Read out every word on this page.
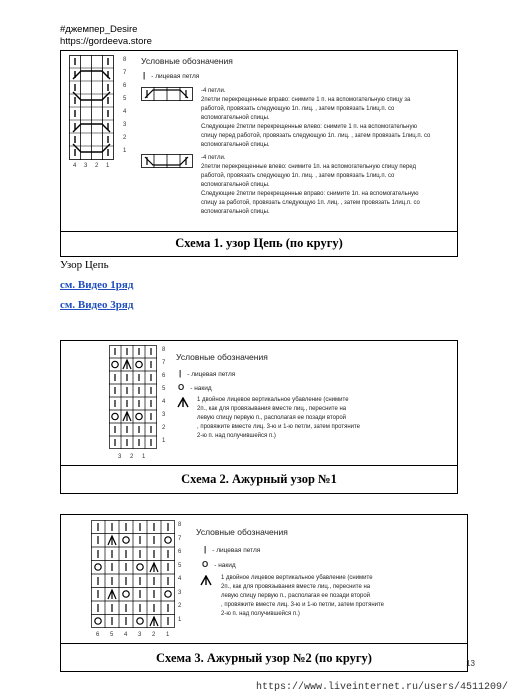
#джемпер_Desire
https://gordeeva.store
8
7
6
5
4
3
2
1
4 3 2 1
Условные обозначения
| - лицевая петля
-4 петли.
2петли перекрещенные вправо: снимите 1 п. на вспомогательную спицу за
работой, провязать следующую 1п. лиц. , затем провязать 1лиц.п. со
вспомогательной спицы.
Следующие 2петли перекрещенные влево: снимите 1 п. на вспомогательную
спицу перед работой, провязать следующую 1п. лиц. , затем провязать 1лиц.п. со
вспомогательной спицы.
-4 петли.
2петли перекрещенные влево: снимите 1п. на вспомогательную спицу перед
работой, провязать следующую 1п. лиц. , затем провязать 1лиц.п. со
вспомогательной спицы.
Следующие 2петли перекрещенные вправо: снимите 1п. на вспомогательную
спицу за работой, провязать следующую 1п. лиц. , затем провязать 1лиц.п. со
вспомогательной спицы.
Схема 1. узор Цепь (по кругу)
Узор Цепь
см. Видео 1ряд
см. Видео 3ряд
8
7
6
5
4
3
2
1
3 2 1
Условные обозначения
| - лицевая петля
O - накид
1 двойное лицевое вертикальное убавление (снимите
2п., как для провязывания вместе лиц., пересните на
левую спицу первую п., располагая ее позади второй
, провяжите вместе лиц. 3-ю и 1-ю петли, затем протяните
2-ю п. над получившейся п.)
Схема 2. Ажурный узор №1
8
7
6
5
4
3
2
1
6 5 4 3 2 1
Условные обозначения
| - лицевая петля
O - накид
1 двойное лицевое вертикальное убавление (снимите
2п., как для провязывания вместе лиц., пересните на
левую спицу первую п., располагая ее позади второй
, провяжите вместе лиц. 3-ю и 1-ю петли, затем протяните
2-ю п. над получившейся п.)
Схема 3. Ажурный узор №2 (по кругу)	13
https://www.liveinternet.ru/users/4511209/
